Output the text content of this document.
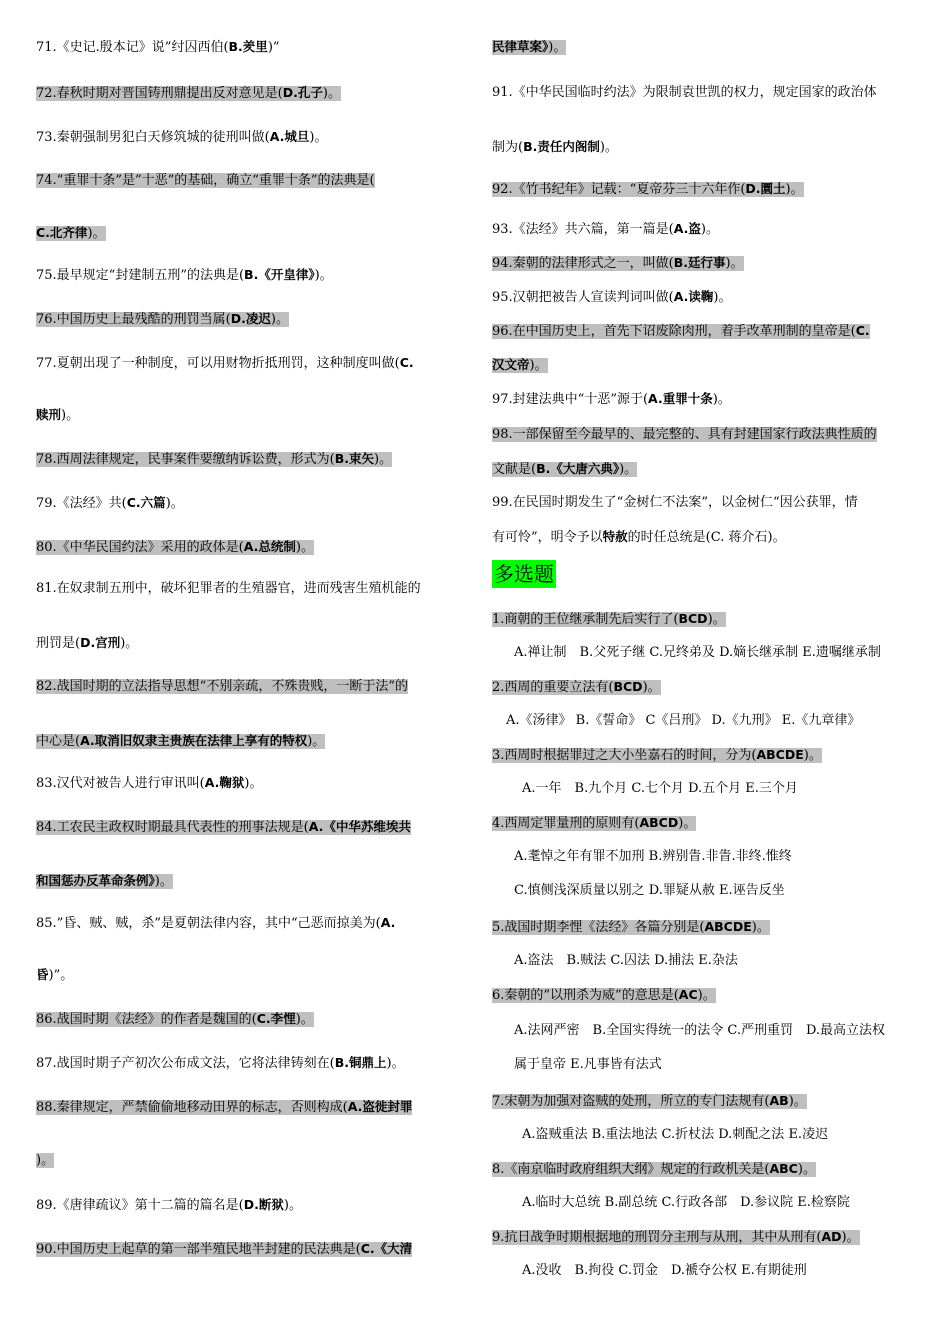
71.《史记.殷本记》说”纣囚西伯(B.羑里)”
72.春秋时期对晋国铸刑鼎提出反对意见是(D.孔子)。
73.秦朝强制男犯白天修筑城的徒刑叫做(A.城旦)。
74.“重罪十条”是”十恶”的基础，确立“重罪十条”的法典是(
C.北齐律)。
75.最早规定“封建制五刑”的法典是(B.《开皇律》)。
76.中国历史上最残酷的刑罚当属(D.凌迟)。
77.夏朝出现了一种制度，可以用财物折抵刑罚，这种制度叫做(C.
赎刑)。
78.西周法律规定，民事案件要缴纳诉讼费，形式为(B.束矢)。
79.《法经》共(C.六篇)。
80.《中华民国约法》采用的政体是(A.总统制)。
81.在奴隶制五刑中，破坏犯罪者的生殖器官，进而残害生殖机能的
刑罚是(D.宫刑)。
82.战国时期的立法指导思想“不别亲疏，不殊贵贱，一断于法”的
中心是(A.取消旧奴隶主贵族在法律上享有的特权)。
83.汉代对被告人进行审讯叫(A.鞠狱)。
84.工农民主政权时期最具代表性的刑事法规是(A.《中华苏维埃共
和国惩办反革命条例》)。
85.”昏、贼、贼，杀”是夏朝法律内容，其中“己恶而掠美为(A.
昏)”。
86.战国时期《法经》的作者是魏国的(C.李悝)。
87.战国时期子产初次公布成文法，它将法律铸刻在(B.铜鼎上)。
88.秦律规定，严禁偷偷地移动田界的标志，否则构成(A.盗徙封罪
)。
89.《唐律疏议》第十二篇的篇名是(D.断狱)。
90.中国历史上起草的第一部半殖民地半封建的民法典是(C.《大清
多选题
民律草案》)。
91.《中华民国临时约法》为限制袁世凯的权力，规定国家的政治体
制为(B.责任内阁制)。
92.《竹书纪年》记载：“夏帝芬三十六年作(D.圜土)。
93.《法经》共六篇，第一篇是(A.盗)。
94.秦朝的法律形式之一，叫做(B.廷行事)。
95.汉朝把被告人宣读判词叫做(A.读鞠)。
96.在中国历史上，首先下诏废除肉刑，着手改革刑制的皇帝是(C.
汉文帝)。
97.封建法典中“十恶”源于(A.重罪十条)。
98.一部保留至今最早的、最完整的、具有封建国家行政法典性质的
文献是(B.《大唐六典》)。
99.在民国时期发生了“金树仁不法案”，以金树仁“因公获罪，情
有可怜”，明令予以特赦的时任总统是(C. 蒋介石)。
1.商朝的王位继承制先后实行了(BCD)。
A.禅让制　B.父死子继 C.兄终弟及 D.嫡长继承制 E.遗嘱继承制
2.西周的重要立法有(BCD)。
A.《汤律》 B.《誓命》 C《吕刑》 D.《九刑》 E.《九章律》
3.西周时根据罪过之大小坐嘉石的时间，分为(ABCDE)。
A.一年　B.九个月 C.七个月 D.五个月 E.三个月
4.西周定罪量刑的原则有(ABCD)。
A.耄悼之年有罪不加刑 B.辨别眚.非眚.非终.惟终
C.慎侧浅深质量以别之 D.罪疑从赦 E.诬告反坐
5.战国时期李悝《法经》各篇分别是(ABCDE)。
A.盗法　B.贼法 C.囚法 D.捕法 E.杂法
6.秦朝的”以刑杀为威”的意思是(AC)。
A.法网严密　B.全国实得统一的法令 C.严刑重罚　D.最高立法权
属于皇帝 E.凡事皆有法式
7.宋朝为加强对盗贼的处刑，所立的专门法规有(AB)。
A.盗贼重法 B.重法地法 C.折杖法 D.刺配之法 E.凌迟
8.《南京临时政府组织大纲》规定的行政机关是(ABC)。
A.临时大总统 B.副总统 C.行政各部　D.参议院 E.检察院
9.抗日战争时期根据地的刑罚分主刑与从刑，其中从刑有(AD)。
A.没收　B.拘役 C.罚金　D.褫夺公权 E.有期徒刑
